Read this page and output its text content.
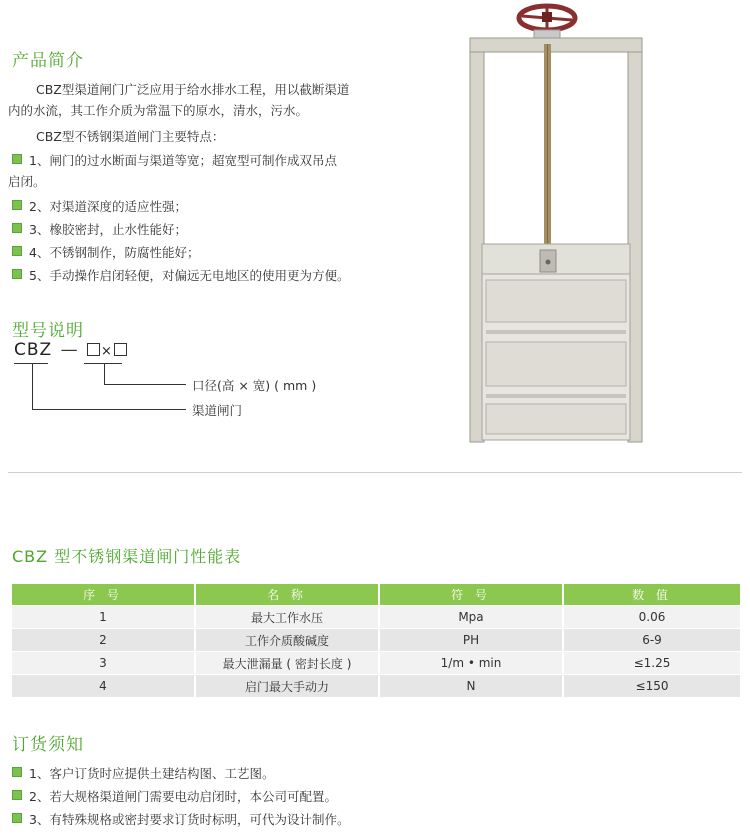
产品简介
CBZ型渠道闸门广泛应用于给水排水工程，用以截断渠道
内的水流，其工作介质为常温下的原水，清水，污水。
CBZ型不锈钢渠道闸门主要特点：
1、闸门的过水断面与渠道等宽；超宽型可制作成双吊点
启闭。
2、对渠道深度的适应性强；
3、橡胶密封，止水性能好；
4、不锈钢制作，防腐性能好；
5、手动操作启闭轻便，对偏远无电地区的使用更为方便。
型号说明
CBZ — ×
口径(高 × 宽) ( mm )
渠道闸门
CBZ 型不锈钢渠道闸门性能表
序 号	名 称	符 号	数 值
1	最大工作水压	Mpa	0.06
2	工作介质酸碱度	PH	6-9
3	最大泄漏量 ( 密封长度 )	1/m • min	≤1.25
4	启门最大手动力	N	≤150
订货须知
1、客户订货时应提供土建结构图、工艺图。
2、若大规格渠道闸门需要电动启闭时，本公司可配置。
3、有特殊规格或密封要求订货时标明，可代为设计制作。
